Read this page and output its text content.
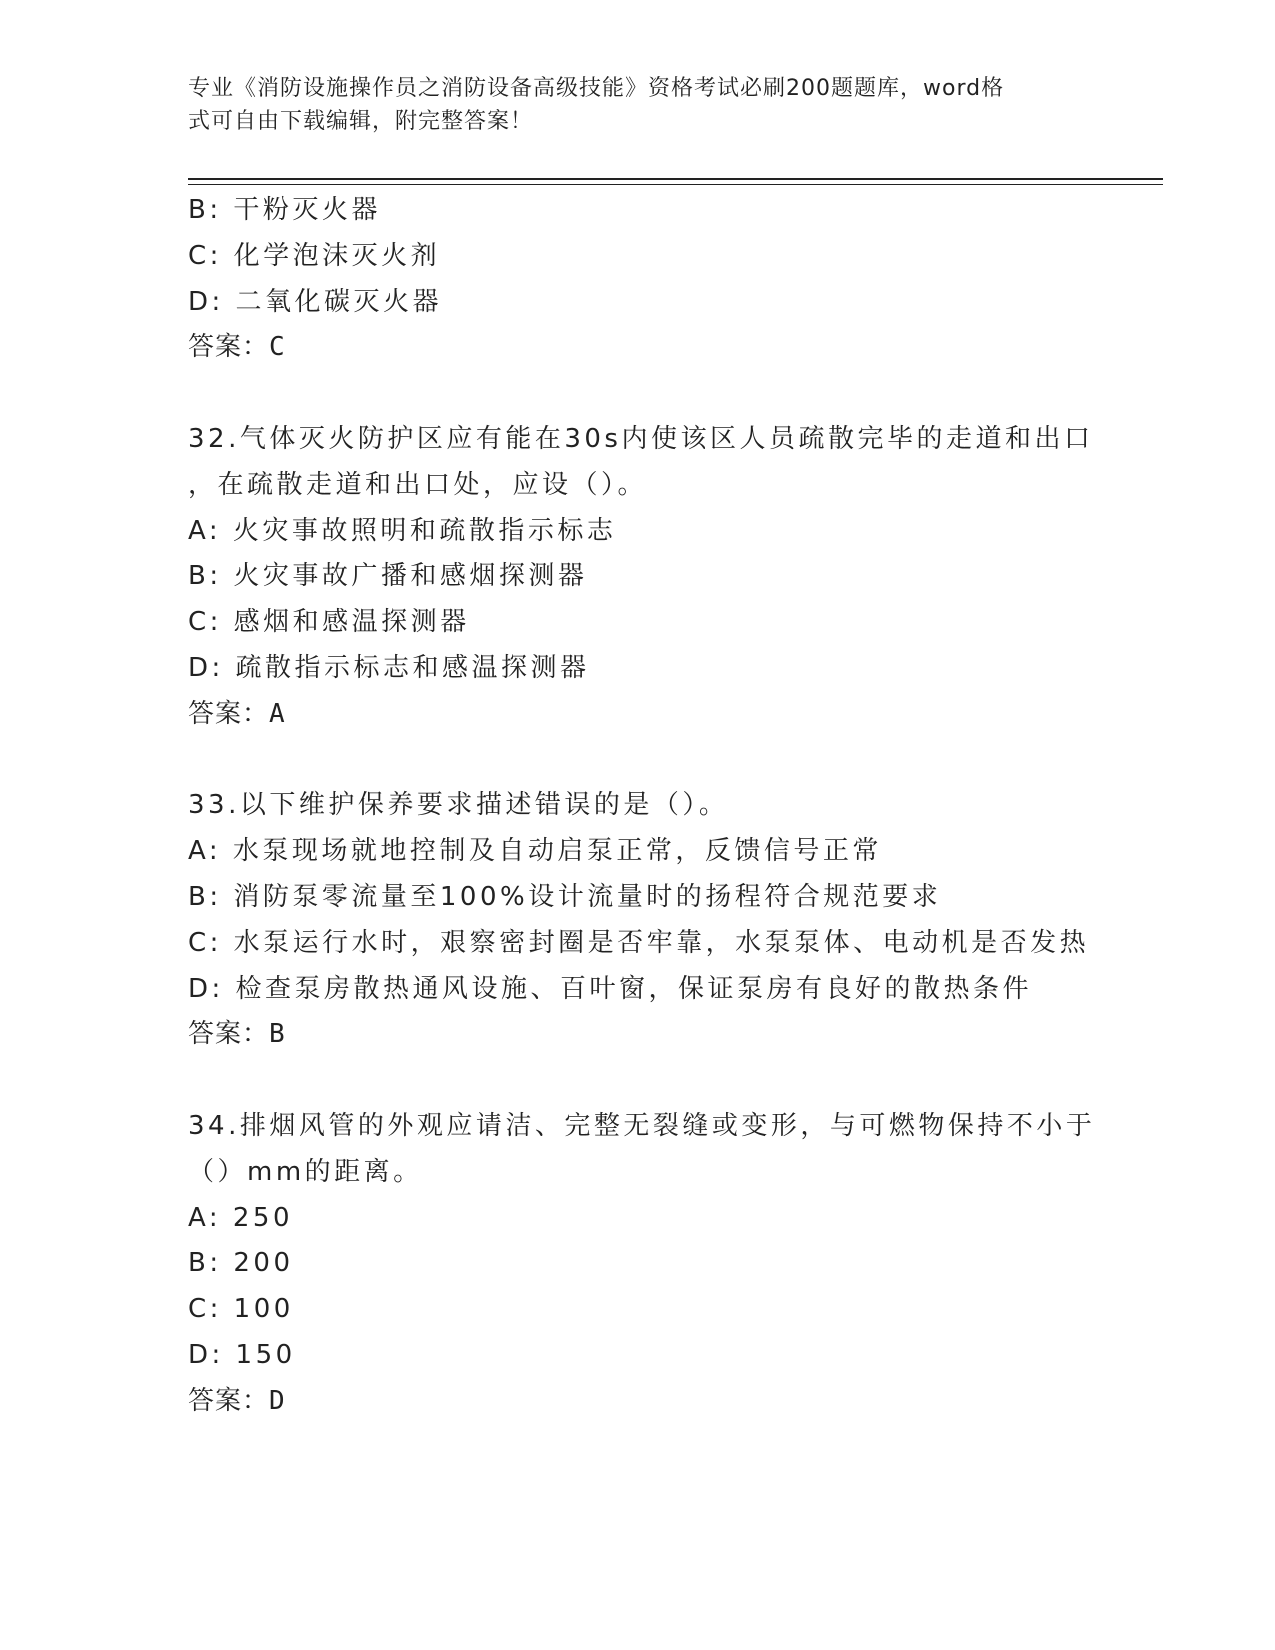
专业《消防设施操作员之消防设备高级技能》资格考试必刷200题题库，word格
式可自由下载编辑，附完整答案！
B: 干粉灭火器
C: 化学泡沫灭火剂
D: 二氧化碳灭火器
答案：C
32.气体灭火防护区应有能在30s内使该区人员疏散完毕的走道和出口
，在疏散走道和出口处，应设（）。
A: 火灾事故照明和疏散指示标志
B: 火灾事故广播和感烟探测器
C: 感烟和感温探测器
D: 疏散指示标志和感温探测器
答案：A
33.以下维护保养要求描述错误的是（）。
A: 水泵现场就地控制及自动启泵正常，反馈信号正常
B: 消防泵零流量至100%设计流量时的扬程符合规范要求
C: 水泵运行水时，艰察密封圈是否牢靠，水泵泵体、电动机是否发热
D: 检查泵房散热通风设施、百叶窗，保证泵房有良好的散热条件
答案：B
34.排烟风管的外观应请洁、完整无裂缝或变形，与可燃物保持不小于
（）mm的距离。
A: 250
B: 200
C: 100
D: 150
答案：D
